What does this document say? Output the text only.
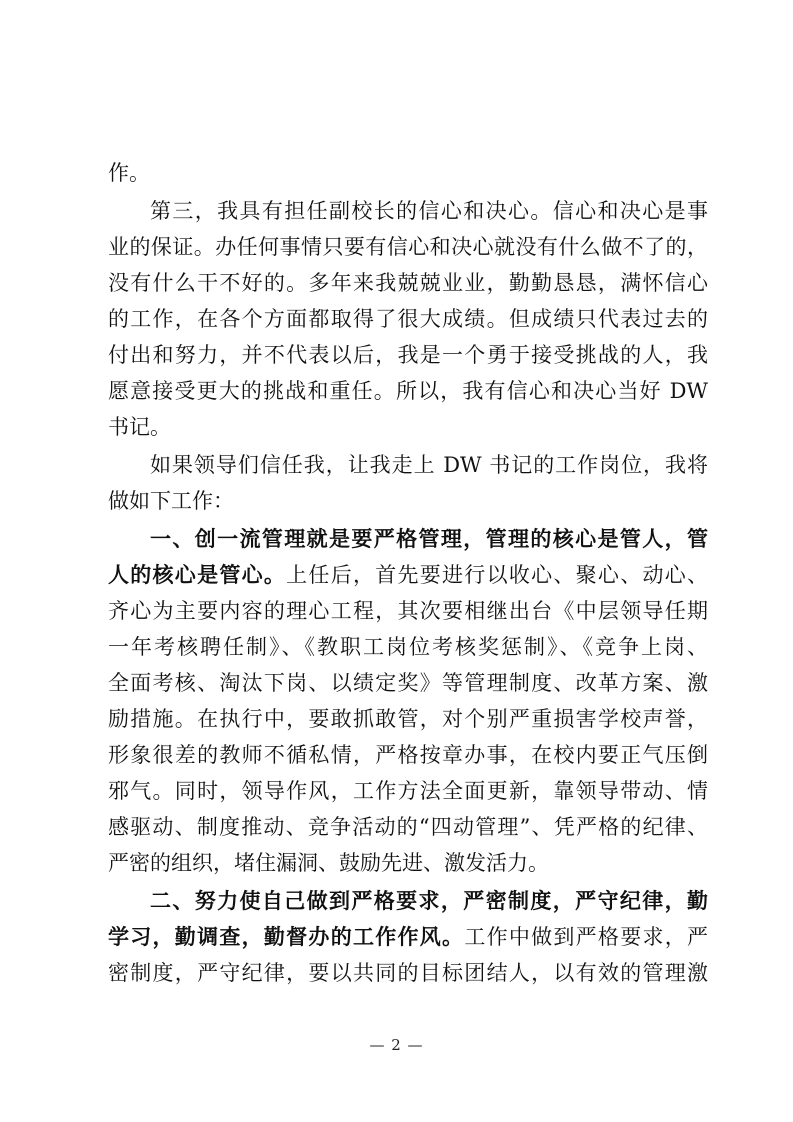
作。
第三，我具有担任副校长的信心和决心。信心和决心是事
业的保证。办任何事情只要有信心和决心就没有什么做不了的，
没有什么干不好的。多年来我兢兢业业，勤勤恳恳，满怀信心
的工作，在各个方面都取得了很大成绩。但成绩只代表过去的
付出和努力，并不代表以后，我是一个勇于接受挑战的人，我
愿意接受更大的挑战和重任。所以，我有信心和决心当好 DW
书记。
如果领导们信任我，让我走上 DW 书记的工作岗位，我将
做如下工作：
一、创一流管理就是要严格管理，管理的核心是管人，管
人的核心是管心。上任后，首先要进行以收心、聚心、动心、
齐心为主要内容的理心工程，其次要相继出台《中层领导任期
一年考核聘任制》、《教职工岗位考核奖惩制》、《竞争上岗、
全面考核、淘汰下岗、以绩定奖》等管理制度、改革方案、激
励措施。在执行中，要敢抓敢管，对个别严重损害学校声誉，
形象很差的教师不循私情，严格按章办事，在校内要正气压倒
邪气。同时，领导作风，工作方法全面更新，靠领导带动、情
感驱动、制度推动、竞争活动的“四动管理”、凭严格的纪律、
严密的组织，堵住漏洞、鼓励先进、激发活力。
二、努力使自己做到严格要求，严密制度，严守纪律，勤
学习，勤调查，勤督办的工作作风。工作中做到严格要求，严
密制度，严守纪律，要以共同的目标团结人，以有效的管理激
— 2 —
